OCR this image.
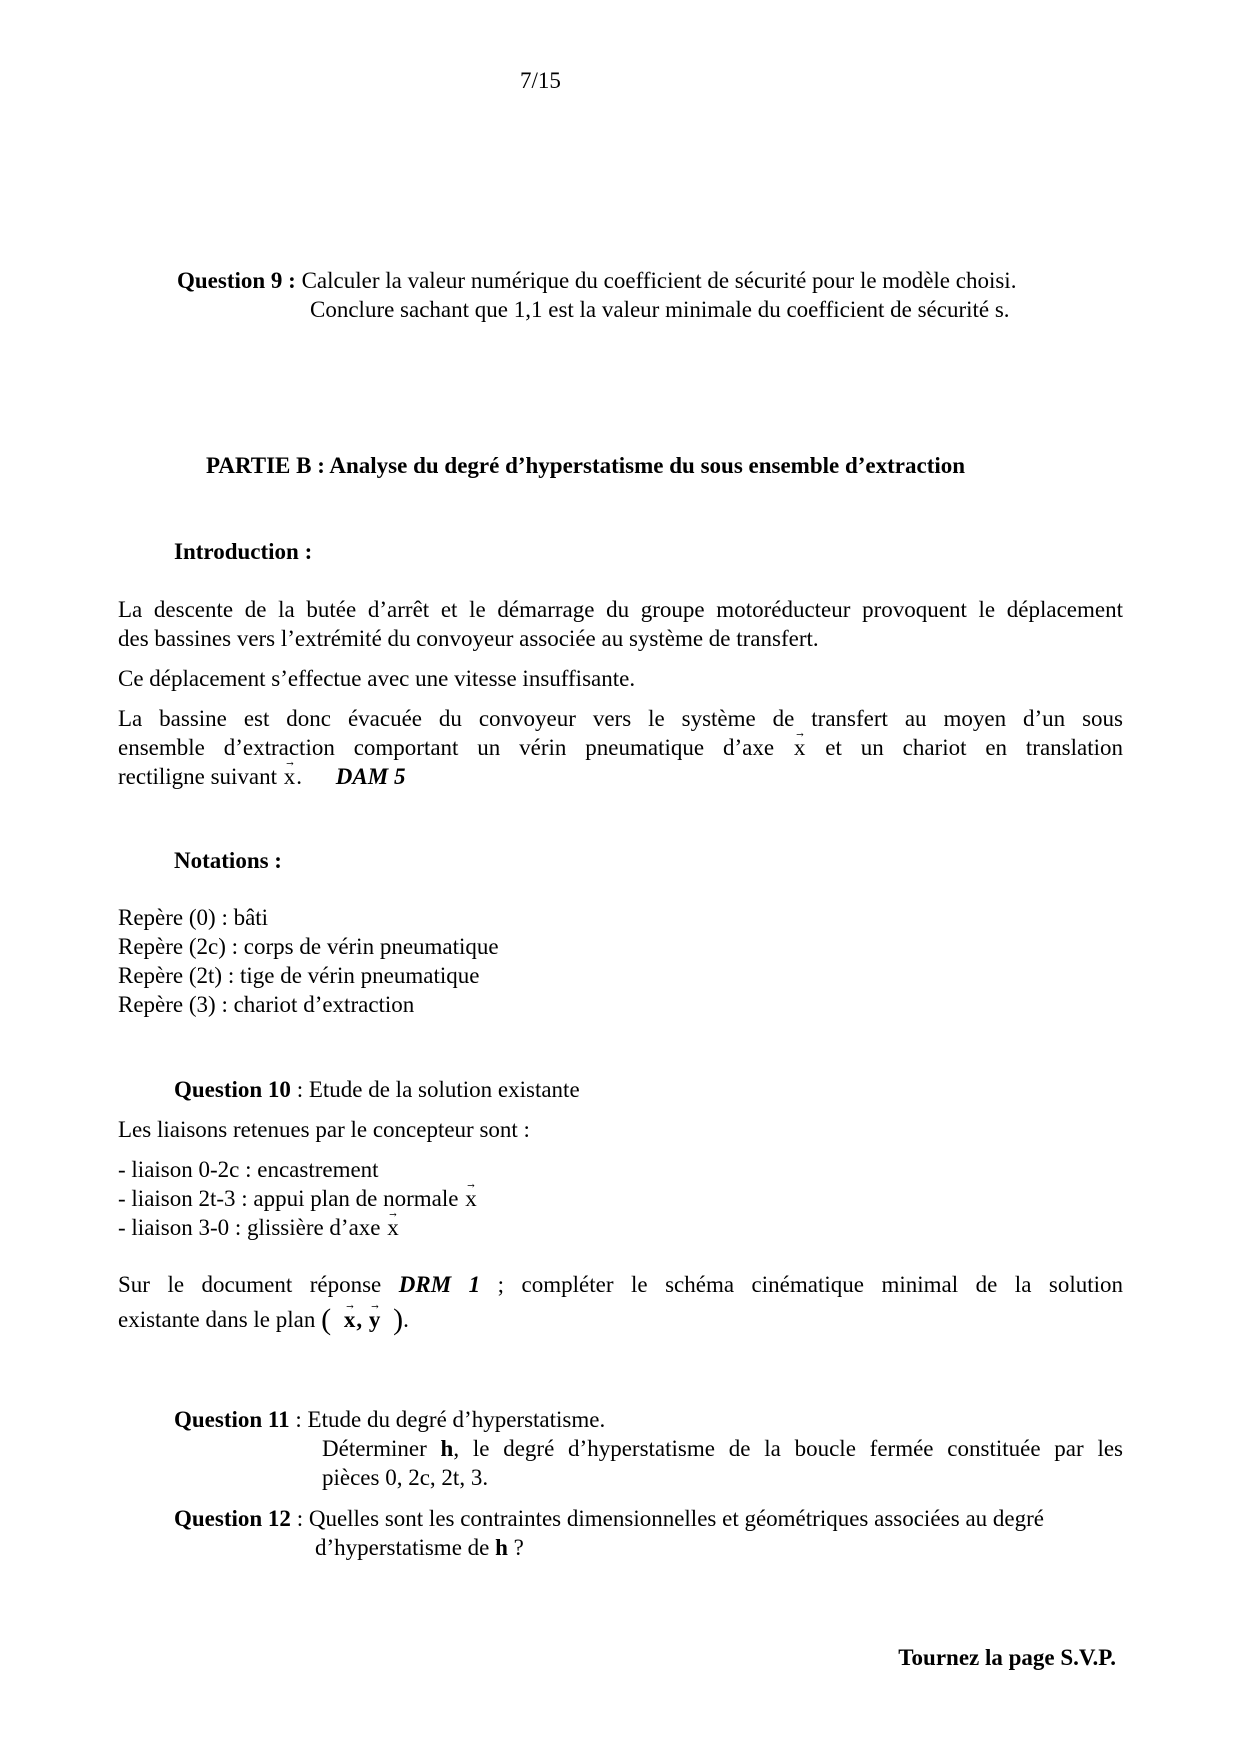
7/15
Question 9 : Calculer la valeur numérique du coefficient de sécurité pour le modèle choisi.
Conclure sachant que 1,1 est la valeur minimale du coefficient de sécurité s.
PARTIE B : Analyse du degré d’hyperstatisme du sous ensemble d’extraction
Introduction :
La descente de la butée d’arrêt et le démarrage du groupe motoréducteur provoquent le déplacement
des bassines vers l’extrémité du convoyeur associée au système de transfert.
Ce déplacement s’effectue avec une vitesse insuffisante.
La bassine est donc évacuée du convoyeur vers le système de transfert au moyen d’un sous
ensemble d’extraction comportant un vérin pneumatique d’axe → x et un chariot en translation
rectiligne suivant → x. DAM 5
Notations :
Repère (0) : bâti
Repère (2c) : corps de vérin pneumatique
Repère (2t) : tige de vérin pneumatique
Repère (3) : chariot d’extraction
Question 10 : Etude de la solution existante
Les liaisons retenues par le concepteur sont :
- liaison 0-2c : encastrement
- liaison 2t-3 : appui plan de normale → x
- liaison 3-0 : glissière d’axe → x
Sur le document réponse DRM 1 ; compléter le schéma cinématique minimal de la solution
existante dans le plan ( → x, → y ).
Question 11 : Etude du degré d’hyperstatisme.
Déterminer h, le degré d’hyperstatisme de la boucle fermée constituée par les
pièces 0, 2c, 2t, 3.
Question 12 : Quelles sont les contraintes dimensionnelles et géométriques associées au degré
d’hyperstatisme de h ?
Tournez la page S.V.P.
